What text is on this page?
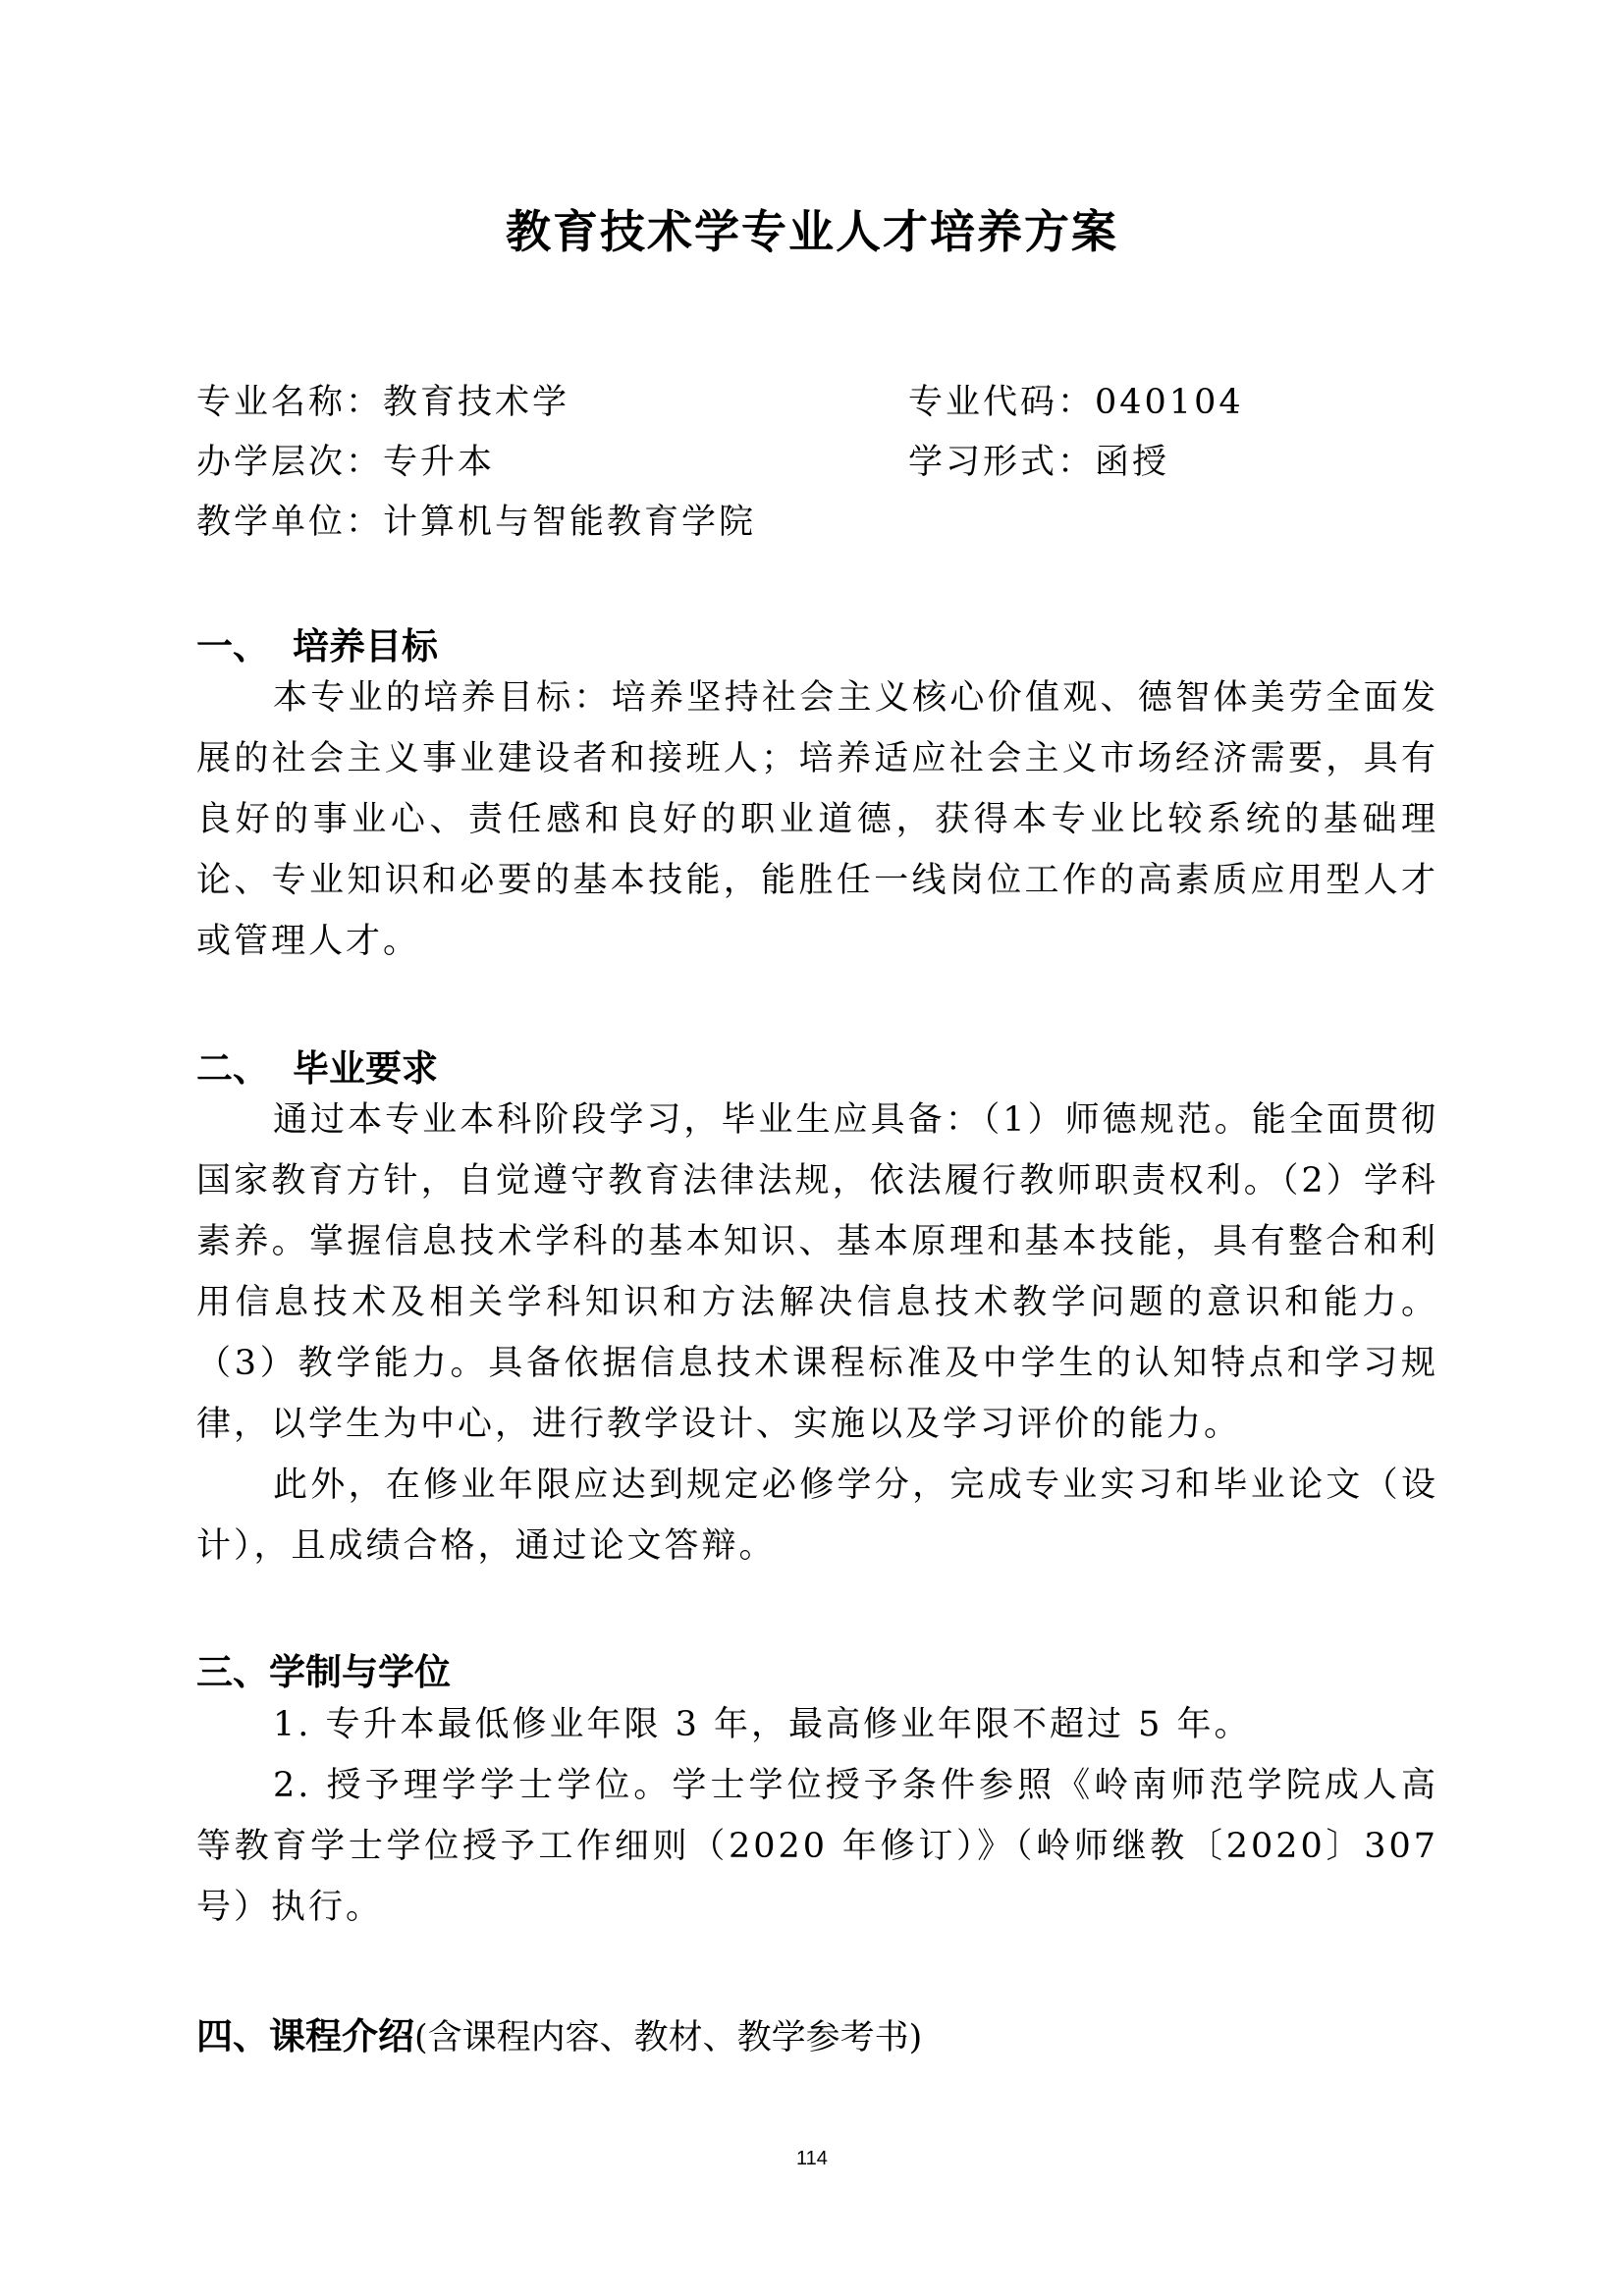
教育技术学专业人才培养方案
专业名称：教育技术学	专业代码：040104
办学层次：专升本	学习形式：函授
教学单位：计算机与智能教育学院
一、 培养目标

本专业的培养目标：培养坚持社会主义核心价值观、德智体美劳全面发展的社会主义事业建设者和接班人；培养适应社会主义市场经济需要，具有良好的事业心、责任感和良好的职业道德，获得本专业比较系统的基础理论、专业知识和必要的基本技能，能胜任一线岗位工作的高素质应用型人才或管理人才。

二、 毕业要求

通过本专业本科阶段学习，毕业生应具备：（1）师德规范。能全面贯彻国家教育方针，自觉遵守教育法律法规，依法履行教师职责权利。（2）学科素养。掌握信息技术学科的基本知识、基本原理和基本技能，具有整合和利用信息技术及相关学科知识和方法解决信息技术教学问题的意识和能力。（3）教学能力。具备依据信息技术课程标准及中学生的认知特点和学习规律，以学生为中心，进行教学设计、实施以及学习评价的能力。

此外，在修业年限应达到规定必修学分，完成专业实习和毕业论文（设计），且成绩合格，通过论文答辩。

三、学制与学位

1. 专升本最低修业年限 3 年，最高修业年限不超过 5 年。

2. 授予理学学士学位。学士学位授予条件参照《岭南师范学院成人高等教育学士学位授予工作细则（2020 年修订）》（岭师继教〔2020〕307 号）执行。

四、课程介绍(含课程内容、教材、教学参考书)
114
